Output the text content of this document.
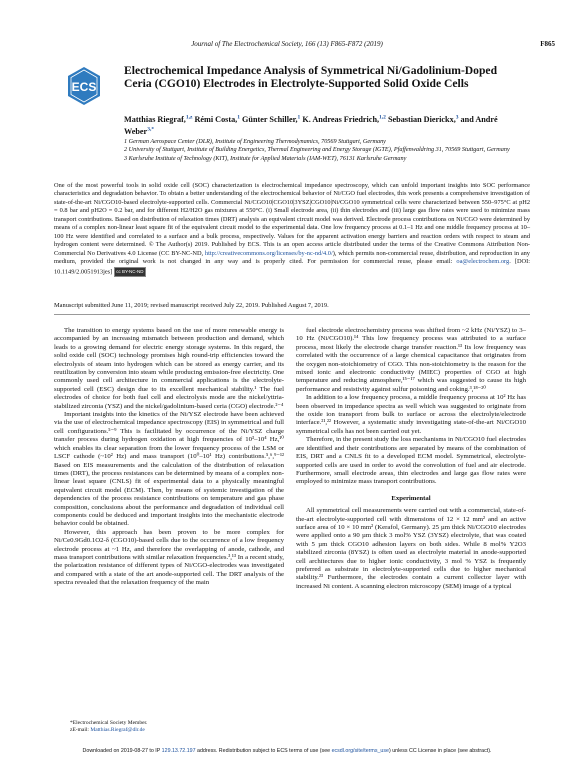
Journal of The Electrochemical Society, 166 (13) F865-F872 (2019)	F865
ECS
Electrochemical Impedance Analysis of Symmetrical Ni/Gadolinium-Doped Ceria (CGO10) Electrodes in Electrolyte-Supported Solid Oxide Cells
Matthias Riegraf,$^{1,z}$ Rémi Costa,$^1$ Günter Schiller,$^1$ K. Andreas Friedrich,$^{1,2}$ Sebastian Dierickx,$^3$ and André Weber$^{3,*}$
1 German Aerospace Center (DLR), Institute of Engineering Thermodynamics, 70569 Stuttgart, Germany
2 University of Stuttgart, Institute of Building Energetics, Thermal Engineering and Energy Storage (IGTE), Pfaffenwaldring 31, 70569 Stuttgart, Germany
3 Karlsruhe Institute of Technology (KIT), Institute for Applied Materials (IAM-WET), 76131 Karlsruhe Germany
One of the most powerful tools in solid oxide cell (SOC) characterization is electrochemical impedance spectroscopy, which can unfold important insights into SOC performance characteristics and degradation behavior. To obtain a better understanding of the electrochemical behavior of Ni/CGO fuel electrodes, this work presents a comprehensive investigation of state-of-the-art Ni/CGO10-based electrolyte-supported cells. Commercial Ni/CGO10|CGO10|3YSZ|CGO10|Ni/CGO10 symmetrical cells were characterized between 550–975°C at pH2 = 0.8 bar and pH2O = 0.2 bar, and for different H2/H2O gas mixtures at 550°C. (i) Small electrode area, (ii) thin electrodes and (iii) large gas flow rates were used to minimize mass transport contributions. Based on distribution of relaxation times (DRT) analysis an equivalent circuit model was derived. Electrode process contributions on Ni/CGO were determined by means of a complex non-linear least square fit of the equivalent circuit model to the experimental data. One low frequency process at 0.1–1 Hz and one middle frequency process at 10–100 Hz were identified and correlated to a surface and a bulk process, respectively. Values for the apparent activation energy barriers and reaction orders with respect to steam and hydrogen content were determined. © The Author(s) 2019. Published by ECS. This is an open access article distributed under the terms of the Creative Commons Attribution Non-Commercial No Derivatives 4.0 License (CC BY-NC-ND, http://creativecommons.org/licenses/by-nc-nd/4.0/), which permits non-commercial reuse, distribution, and reproduction in any medium, provided the original work is not changed in any way and is properly cited. For permission for commercial reuse, please email: oa@electrochem.org. [DOI: 10.1149/2.0051913jes] cc BY-NC-ND
Manuscript submitted June 11, 2019; revised manuscript received July 22, 2019. Published August 7, 2019.

The transition to energy systems based on the use of more renewable energy is accompanied by an increasing mismatch between production and demand, which leads to a growing demand for electric energy storage systems. In this regard, the solid oxide cell (SOC) technology promises high round-trip efficiencies toward the electrolysis of steam into hydrogen which can be stored as energy carrier, and its reutilization by conversion into steam while producing emission-free electricity. One commonly used cell architecture in commercial applications is the electrolyte-supported cell (ESC) design due to its excellent mechanical stability.¹ The fuel electrodes of choice for both fuel cell and electrolysis mode are the nickel/yttria-stabilized zirconia (YSZ) and the nickel/gadolinium-based ceria (CGO) electrode.²⁻⁴

Important insights into the kinetics of the Ni/YSZ electrode have been achieved via the use of electrochemical impedance spectroscopy (EIS) in symmetrical and full cell configurations.⁵⁻⁹ This is facilitated by occurrence of the Ni/YSZ charge transfer process during hydrogen oxidation at high frequencies of 10³–10⁴ Hz,¹⁰ which enables its clear separation from the lower frequency process of the LSM or LSCF cathode (~10² Hz) and mass transport (10⁰–10¹ Hz) contributions.⁵,⁶,⁹⁻¹² Based on EIS measurements and the calculation of the distribution of relaxation times (DRT), the process resistances can be determined by means of a complex non-linear least square (CNLS) fit of experimental data to a physically meaningful equivalent circuit model (ECM). Then, by means of systemic investigation of the dependencies of the process resistance contributions on temperature and gas phase composition, conclusions about the performance and degradation of individual cell components could be deduced and important insights into the mechanistic electrode behavior could be obtained.

However, this approach has been proven to be more complex for Ni/Ce0.9Gd0.1O2-δ (CGO10)-based cells due to the occurrence of a low frequency electrode process at ~1 Hz, and therefore the overlapping of anode, cathode, and mass transport contributions with similar relaxation frequencies.³,¹³ In a recent study, the polarization resistance of different types of Ni/CGO-electrodes was investigated and compared with a state of the art anode-supported cell. The DRT analysis of the spectra revealed that the relaxation frequency of the main

fuel electrode electrochemistry process was shifted from ~2 kHz (Ni/YSZ) to 3–10 Hz (Ni/CGO10).¹⁴ This low frequency process was attributed to a surface process, most likely the electrode charge transfer reaction.¹³ Its low frequency was correlated with the occurrence of a large chemical capacitance that originates from the oxygen non-stoichiometry of CGO. This non-stoichiometry is the reason for the mixed ionic and electronic conductivity (MIEC) properties of CGO at high temperature and reducing atmosphere,¹⁵⁻¹⁷ which was suggested to cause its high performance and resistivity against sulfur poisoning and coking.³,¹⁸⁻²⁰

In addition to a low frequency process, a middle frequency process at 10² Hz has been observed in impedance spectra as well which was suggested to originate from the oxide ion transport from bulk to surface or across the electrolyte/electrode interface.²¹,²² However, a systematic study investigating state-of-the-art Ni/CGO10 symmetrical cells has not been carried out yet.

Therefore, in the present study the loss mechanisms in Ni/CGO10 fuel electrodes are identified and their contributions are separated by means of the combination of EIS, DRT and a CNLS fit to a developed ECM model. Symmetrical, electrolyte-supported cells are used in order to avoid the convolution of fuel and air electrode. Furthermore, small electrode areas, thin electrodes and large gas flow rates were employed to minimize mass transport contributions.

Experimental

All symmetrical cell measurements were carried out with a commercial, state-of-the-art electrolyte-supported cell with dimensions of 12 × 12 mm² and an active surface area of 10 × 10 mm² (Kerafol, Germany). 25 µm thick Ni/CGO10 electrodes were applied onto a 90 µm thick 3 mol% YSZ (3YSZ) electrolyte, that was coated with 5 µm thick CGO10 adhesion layers on both sides. While 8 mol% Y2O3 stabilized zirconia (8YSZ) is often used as electrolyte material in anode-supported cell architectures due to higher ionic conductivity, 3 mol % YSZ is frequently preferred as substrate in electrolyte-supported cells due to higher mechanical stability.²³ Furthermore, the electrodes contain a current collector layer with increased Ni content. A scanning electron microscopy (SEM) image of a typical

*Electrochemical Society Member.
zE-mail: Matthias.Riegraf@dlr.de
Downloaded on 2019-08-27 to IP 129.13.72.197 address. Redistribution subject to ECS terms of use (see ecsdl.org/site/terms_use) unless CC License in place (see abstract).
